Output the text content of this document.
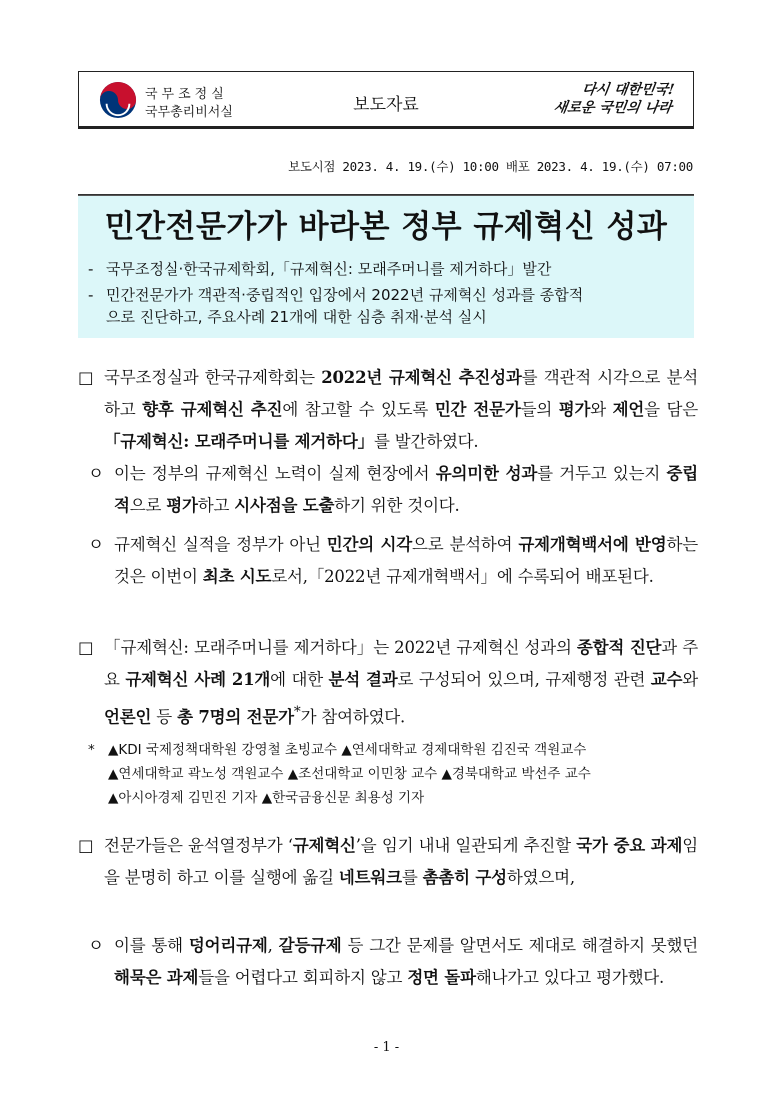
국무조정실
국무총리비서실	보도자료
다시 대한민국!
새로운 국민의 나라
보도시점 2023. 4. 19.(수) 10:00 배포 2023. 4. 19.(수) 07:00
민간전문가가 바라본 정부 규제혁신 성과
- 국무조정실·한국규제학회,「규제혁신: 모래주머니를 제거하다」발간
- 민간전문가가 객관적·중립적인 입장에서 2022년 규제혁신 성과를 종합적
으로 진단하고, 주요사례 21개에 대한 심층 취재·분석 실시
□ 국무조정실과 한국규제학회는 2022년 규제혁신 추진성과를 객관적 시각으로 분석하고 향후 규제혁신 추진에 참고할 수 있도록 민간 전문가들의 평가와 제언을 담은 「규제혁신: 모래주머니를 제거하다」를 발간하였다.
ㅇ 이는 정부의 규제혁신 노력이 실제 현장에서 유의미한 성과를 거두고 있는지 중립적으로 평가하고 시사점을 도출하기 위한 것이다.
ㅇ 규제혁신 실적을 정부가 아닌 민간의 시각으로 분석하여 규제개혁백서에 반영하는 것은 이번이 최초 시도로서,「2022년 규제개혁백서」에 수록되어 배포된다.
□ 「규제혁신: 모래주머니를 제거하다」는 2022년 규제혁신 성과의 종합적 진단과 주요 규제혁신 사례 21개에 대한 분석 결과로 구성되어 있으며, 규제행정 관련 교수와 언론인 등 총 7명의 전문가*가 참여하였다.
* ▲KDI 국제정책대학원 강영철 초빙교수 ▲연세대학교 경제대학원 김진국 객원교수
▲연세대학교 곽노성 객원교수 ▲조선대학교 이민창 교수 ▲경북대학교 박선주 교수
▲아시아경제 김민진 기자 ▲한국금융신문 최용성 기자
□ 전문가들은 윤석열정부가 ‘규제혁신’을 임기 내내 일관되게 추진할 국가 중요 과제임을 분명히 하고 이를 실행에 옮길 네트워크를 촘촘히 구성하였으며,
ㅇ 이를 통해 덩어리규제, 갈등규제 등 그간 문제를 알면서도 제대로 해결하지 못했던 해묵은 과제들을 어렵다고 회피하지 않고 정면 돌파해나가고 있다고 평가했다.
- 1 -
